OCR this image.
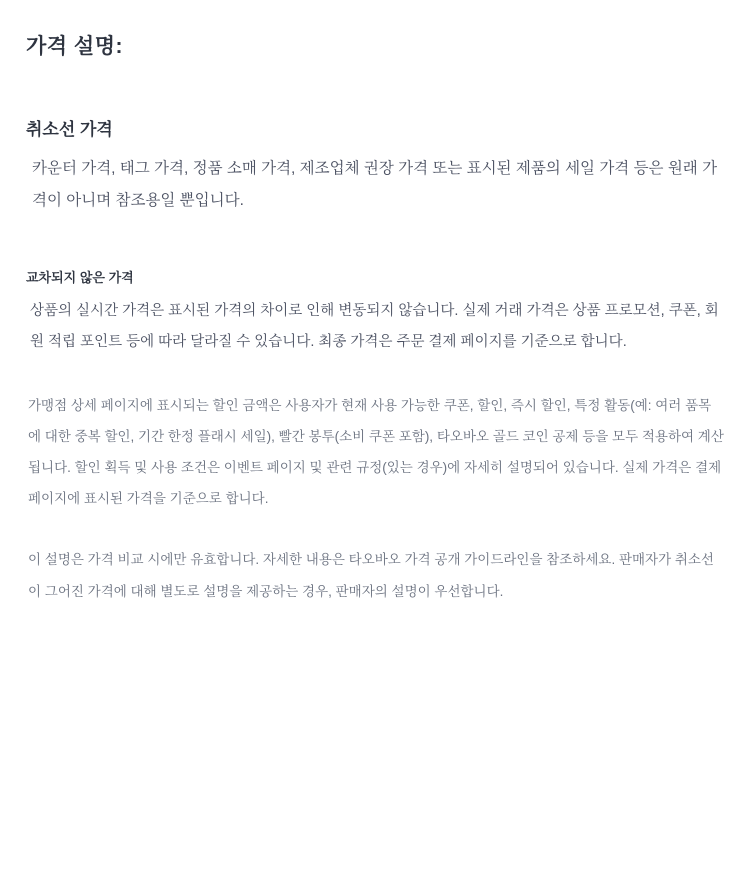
가격 설명:
취소선 가격

카운터 가격, 태그 가격, 정품 소매 가격, 제조업체 권장 가격 또는 표시된 제품의 세일 가격 등은 원래 가격이 아니며 참조용일 뿐입니다.

교차되지 않은 가격

상품의 실시간 가격은 표시된 가격의 차이로 인해 변동되지 않습니다. 실제 거래 가격은 상품 프로모션, 쿠폰, 회원 적립 포인트 등에 따라 달라질 수 있습니다. 최종 가격은 주문 결제 페이지를 기준으로 합니다.

가맹점 상세 페이지에 표시되는 할인 금액은 사용자가 현재 사용 가능한 쿠폰, 할인, 즉시 할인, 특정 활동(예: 여러 품목에 대한 중복 할인, 기간 한정 플래시 세일), 빨간 봉투(소비 쿠폰 포함), 타오바오 골드 코인 공제 등을 모두 적용하여 계산됩니다. 할인 획득 및 사용 조건은 이벤트 페이지 및 관련 규정(있는 경우)에 자세히 설명되어 있습니다. 실제 가격은 결제 페이지에 표시된 가격을 기준으로 합니다.

이 설명은 가격 비교 시에만 유효합니다. 자세한 내용은 타오바오 가격 공개 가이드라인을 참조하세요. 판매자가 취소선이 그어진 가격에 대해 별도로 설명을 제공하는 경우, 판매자의 설명이 우선합니다.
